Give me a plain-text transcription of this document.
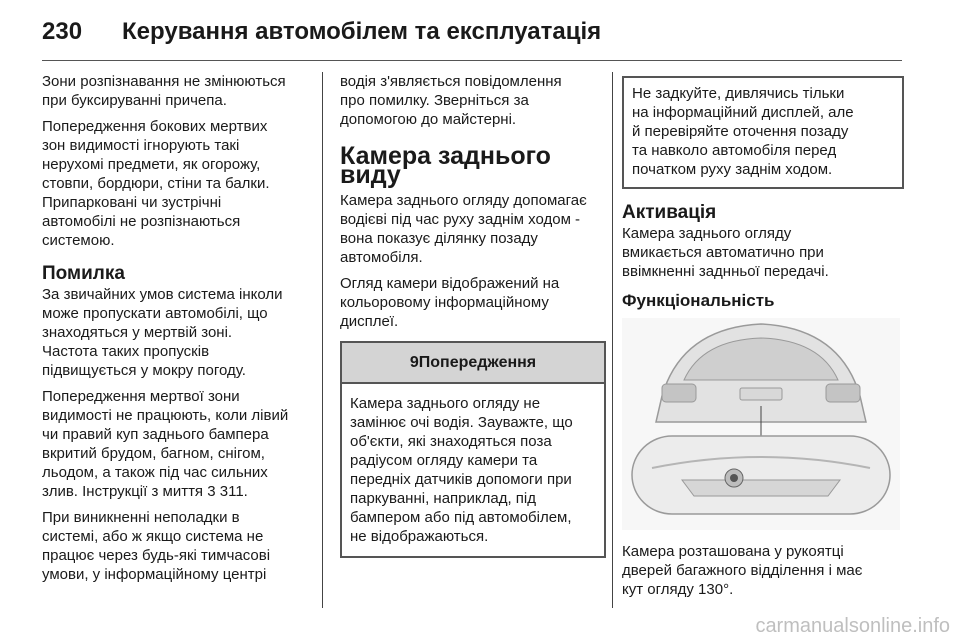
230 Керування автомобілем та експлуатація

Зони розпізнавання не змінюються
при буксируванні причепа.

Попередження бокових мертвих
зон видимості ігнорують такі
нерухомі предмети, як огорожу,
стовпи, бордюри, стіни та балки.
Припарковані чи зустрічні
автомобілі не розпізнаються
системою.

Помилка

За звичайних умов система інколи
може пропускати автомобілі, що
знаходяться у мертвій зоні.
Частота таких пропусків
підвищується у мокру погоду.

Попередження мертвої зони
видимості не працюють, коли лівий
чи правий куп заднього бампера
вкритий брудом, багном, снігом,
льодом, а також під час сильних
злив. Інструкції з миття 3 311.

При виникненні неполадки в
системі, або ж якщо система не
працює через будь-які тимчасові
умови, у інформаційному центрі

водія з'являється повідомлення
про помилку. Зверніться за
допомогою до майстерні.

Камера заднього виду

Камера заднього огляду допомагає
водієві під час руху заднім ходом -
вона показує ділянку позаду
автомобіля.

Огляд камери відображений на
кольоровому інформаційному
дисплеї.

9Попередження
Камера заднього огляду не
замінює очі водія. Зауважте, що
об'єкти, які знаходяться поза
радіусом огляду камери та
передніх датчиків допомоги при
паркуванні, наприклад, під
бампером або під автомобілем,
не відображаються.
Не задкуйте, дивлячись тільки
на інформаційний дисплей, але
й перевіряйте оточення позаду
та навколо автомобіля перед
початком руху заднім ходом.
Активація

Камера заднього огляду
вмикається автоматично при
ввімкненні заднньої передачі.

Функціональність

Камера розташована у рукоятці
дверей багажного відділення і має
кут огляду 130°.

carmanualsonline.info
